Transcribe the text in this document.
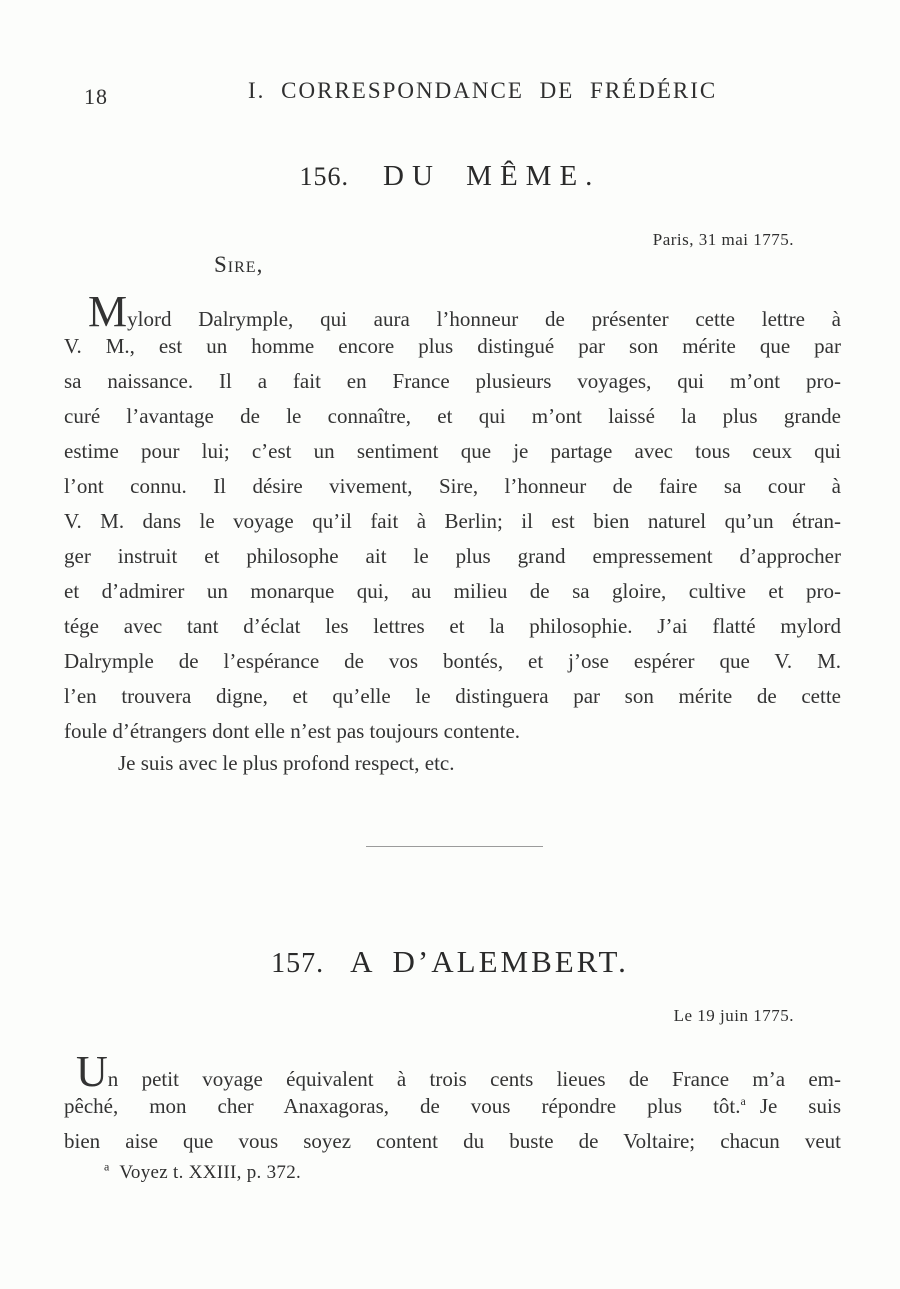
18	I. CORRESPONDANCE DE FRÉDÉRIC
156. DU MÊME.
Paris, 31 mai 1775.
Sire,
Mylord Dalrymple, qui aura l’honneur de présenter cette lettre à
V. M., est un homme encore plus distingué par son mérite que par
sa naissance. Il a fait en France plusieurs voyages, qui m’ont pro-
curé l’avantage de le connaître, et qui m’ont laissé la plus grande
estime pour lui; c’est un sentiment que je partage avec tous ceux qui
l’ont connu. Il désire vivement, Sire, l’honneur de faire sa cour à
V. M. dans le voyage qu’il fait à Berlin; il est bien naturel qu’un étran-
ger instruit et philosophe ait le plus grand empressement d’approcher
et d’admirer un monarque qui, au milieu de sa gloire, cultive et pro-
tége avec tant d’éclat les lettres et la philosophie. J’ai flatté mylord
Dalrymple de l’espérance de vos bontés, et j’ose espérer que V. M.
l’en trouvera digne, et qu’elle le distinguera par son mérite de cette
foule d’étrangers dont elle n’est pas toujours contente.
Je suis avec le plus profond respect, etc.
157. A D’ALEMBERT.
Le 19 juin 1775.
Un petit voyage équivalent à trois cents lieues de France m’a em-
pêché, mon cher Anaxagoras, de vous répondre plus tôt.$^a$ Je suis
bien aise que vous soyez content du buste de Voltaire; chacun veut
$^a$ Voyez t. XXIII, p. 372.
